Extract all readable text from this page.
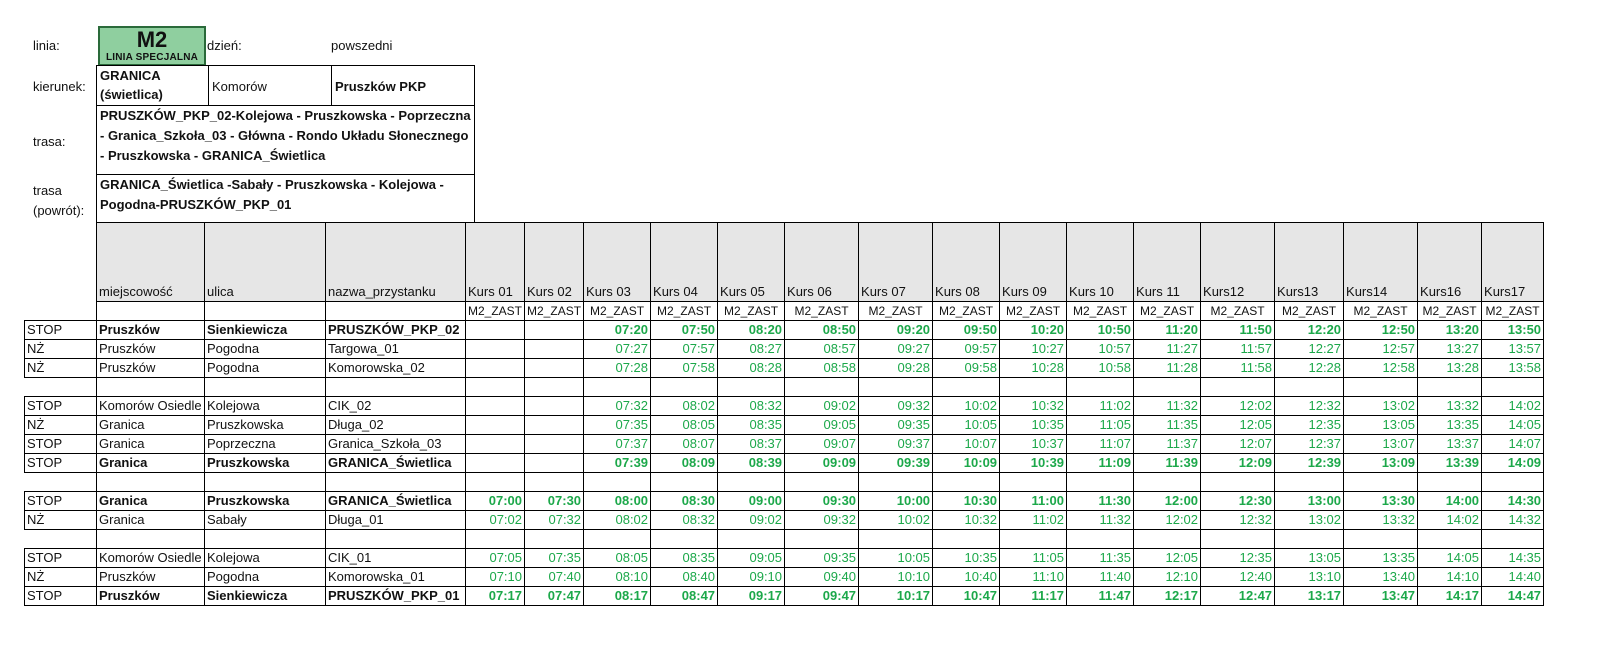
linia:	M2
LINIA SPECJALNA
dzień:	powszedni
kierunek:
GRANICA (świetlica)
Komorów	Pruszków PKP
trasa:
PRUSZKÓW_PKP_02-Kolejowa - Pruszkowska - Poprzeczna - Granica_Szkoła_03 - Główna - Rondo Układu Słonecznego - Pruszkowska - GRANICA_Świetlica
trasa (powrót):
GRANICA_Świetlica -Sabały - Pruszkowska - Kolejowa - Pogodna-PRUSZKÓW_PKP_01
	miejscowość	ulica	nazwa_przystanku	Kurs 01	Kurs 02	Kurs 03	Kurs 04	Kurs 05	Kurs 06	Kurs 07	Kurs 08	Kurs 09	Kurs 10	Kurs 11	Kurs12	Kurs13	Kurs14	Kurs16	Kurs17
				M2_ZAST	M2_ZAST	M2_ZAST	M2_ZAST	M2_ZAST	M2_ZAST	M2_ZAST	M2_ZAST	M2_ZAST	M2_ZAST	M2_ZAST	M2_ZAST	M2_ZAST	M2_ZAST	M2_ZAST	M2_ZAST
STOP	Pruszków	Sienkiewicza	PRUSZKÓW_PKP_02			07:20	07:50	08:20	08:50	09:20	09:50	10:20	10:50	11:20	11:50	12:20	12:50	13:20	13:50
NŻ	Pruszków	Pogodna	Targowa_01			07:27	07:57	08:27	08:57	09:27	09:57	10:27	10:57	11:27	11:57	12:27	12:57	13:27	13:57
NŻ	Pruszków	Pogodna	Komorowska_02			07:28	07:58	08:28	08:58	09:28	09:58	10:28	10:58	11:28	11:58	12:28	12:58	13:28	13:58

STOP	Komorów Osiedle	Kolejowa	CIK_02			07:32	08:02	08:32	09:02	09:32	10:02	10:32	11:02	11:32	12:02	12:32	13:02	13:32	14:02
NŻ	Granica	Pruszkowska	Długa_02			07:35	08:05	08:35	09:05	09:35	10:05	10:35	11:05	11:35	12:05	12:35	13:05	13:35	14:05
STOP	Granica	Poprzeczna	Granica_Szkoła_03			07:37	08:07	08:37	09:07	09:37	10:07	10:37	11:07	11:37	12:07	12:37	13:07	13:37	14:07
STOP	Granica	Pruszkowska	GRANICA_Świetlica			07:39	08:09	08:39	09:09	09:39	10:09	10:39	11:09	11:39	12:09	12:39	13:09	13:39	14:09

STOP	Granica	Pruszkowska	GRANICA_Świetlica	07:00	07:30	08:00	08:30	09:00	09:30	10:00	10:30	11:00	11:30	12:00	12:30	13:00	13:30	14:00	14:30
NŻ	Granica	Sabały	Długa_01	07:02	07:32	08:02	08:32	09:02	09:32	10:02	10:32	11:02	11:32	12:02	12:32	13:02	13:32	14:02	14:32

STOP	Komorów Osiedle	Kolejowa	CIK_01	07:05	07:35	08:05	08:35	09:05	09:35	10:05	10:35	11:05	11:35	12:05	12:35	13:05	13:35	14:05	14:35
NŻ	Pruszków	Pogodna	Komorowska_01	07:10	07:40	08:10	08:40	09:10	09:40	10:10	10:40	11:10	11:40	12:10	12:40	13:10	13:40	14:10	14:40
STOP	Pruszków	Sienkiewicza	PRUSZKÓW_PKP_01	07:17	07:47	08:17	08:47	09:17	09:47	10:17	10:47	11:17	11:47	12:17	12:47	13:17	13:47	14:17	14:47
